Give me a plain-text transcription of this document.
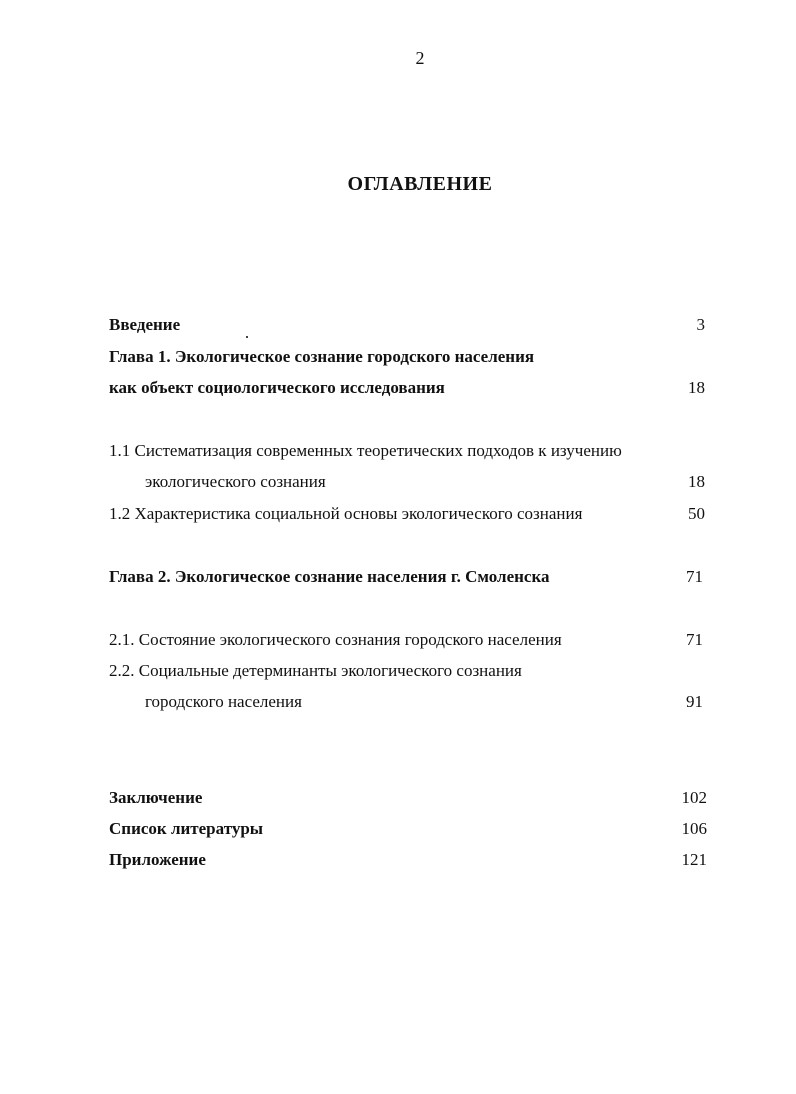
2
ОГЛАВЛЕНИЕ
Введение	3
Глава 1. Экологическое сознание городского населения
как объект социологического исследования	18
1.1 Систематизация современных теоретических подходов к изучению
экологического сознания	18
1.2 Характеристика социальной основы экологического сознания	50
Глава 2. Экологическое сознание населения г. Смоленска	71
2.1. Состояние экологического сознания городского населения	71
2.2. Социальные детерминанты экологического сознания
городского населения	91
Заключение	102
Список литературы	106
Приложение	121
